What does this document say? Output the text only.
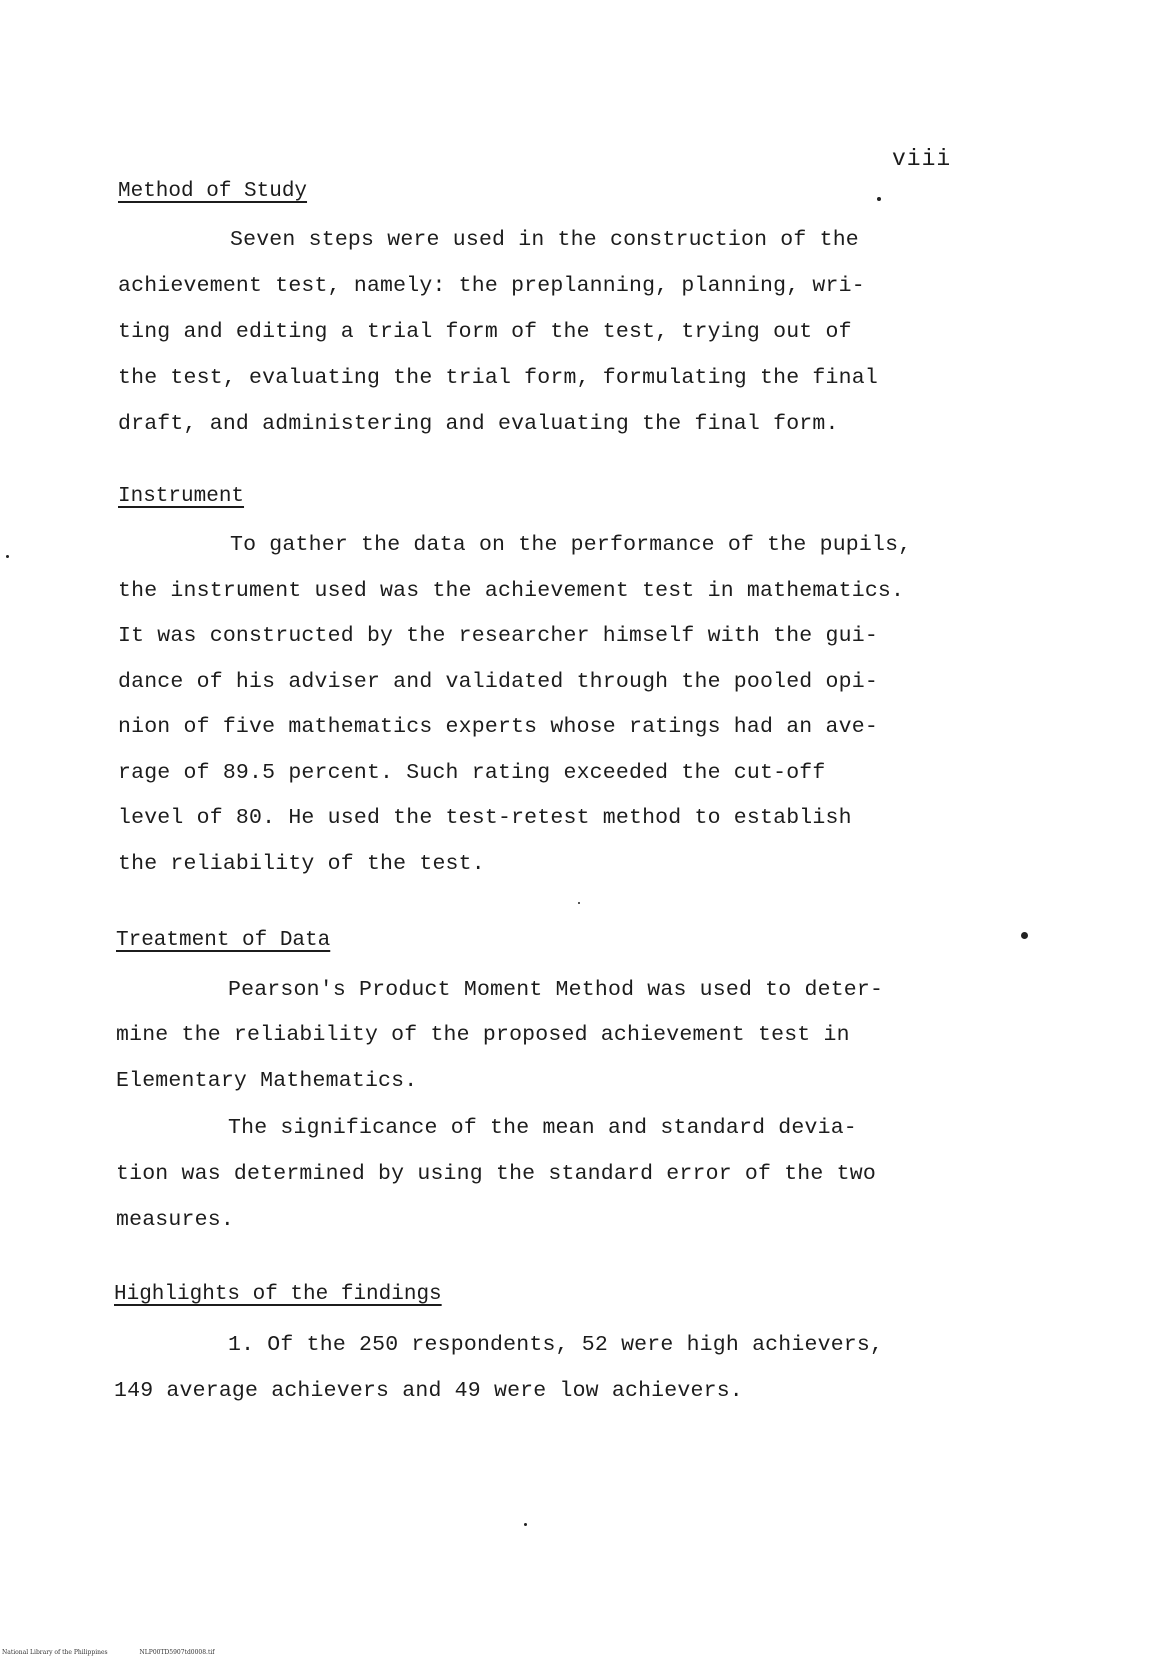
viii
Method of Study
Seven steps were used in the construction of the
achievement test, namely: the preplanning, planning, wri-
ting and editing a trial form of the test, trying out of
the test, evaluating the trial form, formulating the final
draft, and administering and evaluating the final form.
Instrument
To gather the data on the performance of the pupils,
the instrument used was the achievement test in mathematics.
It was constructed by the researcher himself with the gui-
dance of his adviser and validated through the pooled opi-
nion of five mathematics experts whose ratings had an ave-
rage of 89.5 percent. Such rating exceeded the cut-off
level of 80. He used the test-retest method to establish
the reliability of the test.
Treatment of Data
Pearson's Product Moment Method was used to deter-
mine the reliability of the proposed achievement test in
Elementary Mathematics.
The significance of the mean and standard devia-
tion was determined by using the standard error of the two
measures.
Highlights of the findings
1. Of the 250 respondents, 52 were high achievers,
149 average achievers and 49 were low achievers.
National Library of the Philippines	NLP00TD5907td0008.tif
